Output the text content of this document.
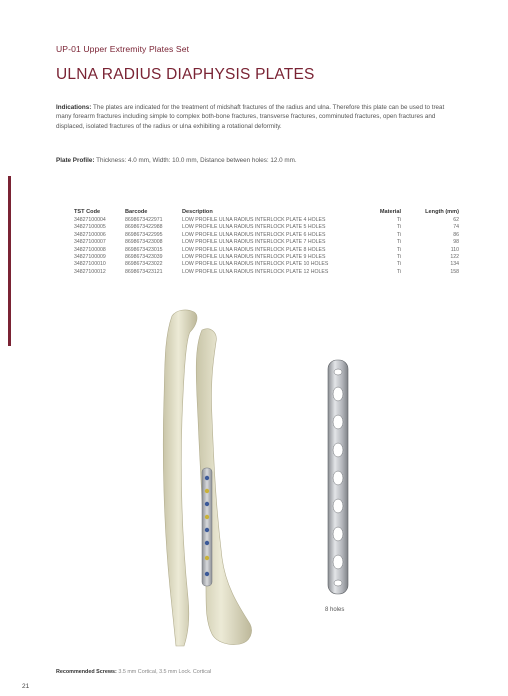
UP-01 Upper Extremity Plates Set
ULNA RADIUS DIAPHYSIS PLATES
Indications: The plates are indicated for the treatment of midshaft fractures of the radius and ulna. Therefore this plate can be used to treat many forearm fractures including simple to complex both-bone fractures, transverse fractures, comminuted fractures, open fractures and displaced, isolated fractures of the radius or ulna exhibiting a rotational deformity.
Plate Profile: Thickness: 4.0 mm, Width: 10.0 mm, Distance between holes: 12.0 mm.
TST Code	Barcode	Description	Material	Length (mm)
34827100004	8698673422971	LOW PROFILE ULNA RADIUS INTERLOCK PLATE 4 HOLES	Ti	62
34827100005	8698673422988	LOW PROFILE ULNA RADIUS INTERLOCK PLATE 5 HOLES	Ti	74
34827100006	8698673422995	LOW PROFILE ULNA RADIUS INTERLOCK PLATE 6 HOLES	Ti	86
34827100007	8698673423008	LOW PROFILE ULNA RADIUS INTERLOCK PLATE 7 HOLES	Ti	98
34827100008	8698673423015	LOW PROFILE ULNA RADIUS INTERLOCK PLATE 8 HOLES	Ti	110
34827100009	8698673423039	LOW PROFILE ULNA RADIUS INTERLOCK PLATE 9 HOLES	Ti	122
34827100010	8698673423022	LOW PROFILE ULNA RADIUS INTERLOCK PLATE 10 HOLES	Ti	134
34827100012	8698673423121	LOW PROFILE ULNA RADIUS INTERLOCK PLATE 12 HOLES	Ti	158
8 holes
Recommended Screws: 3.5 mm Cortical, 3.5 mm Lock. Cortical
21
